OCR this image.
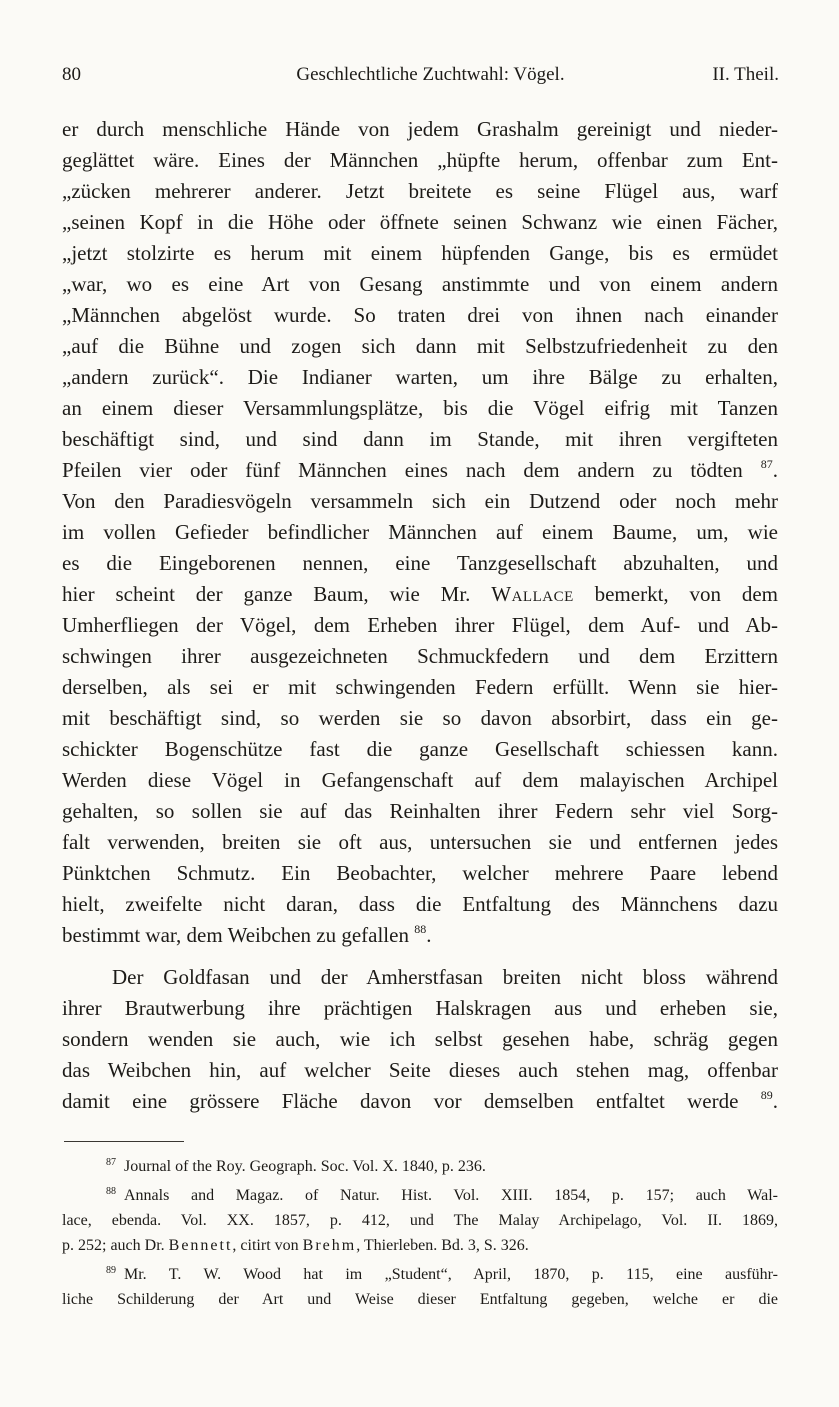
80	Geschlechtliche Zuchtwahl: Vögel.	II. Theil.
er durch menschliche Hände von jedem Grashalm gereinigt und nieder-
geglättet wäre. Eines der Männchen „hüpfte herum, offenbar zum Ent-
„zücken mehrerer anderer. Jetzt breitete es seine Flügel aus, warf
„seinen Kopf in die Höhe oder öffnete seinen Schwanz wie einen Fächer,
„jetzt stolzirte es herum mit einem hüpfenden Gange, bis es ermüdet
„war, wo es eine Art von Gesang anstimmte und von einem andern
„Männchen abgelöst wurde. So traten drei von ihnen nach einander
„auf die Bühne und zogen sich dann mit Selbstzufriedenheit zu den
„andern zurück“. Die Indianer warten, um ihre Bälge zu erhalten,
an einem dieser Versammlungsplätze, bis die Vögel eifrig mit Tanzen
beschäftigt sind, und sind dann im Stande, mit ihren vergifteten
Pfeilen vier oder fünf Männchen eines nach dem andern zu tödten $^{87}$.
Von den Paradiesvögeln versammeln sich ein Dutzend oder noch mehr
im vollen Gefieder befindlicher Männchen auf einem Baume, um, wie
es die Eingeborenen nennen, eine Tanzgesellschaft abzuhalten, und
hier scheint der ganze Baum, wie Mr. Wallace bemerkt, von dem
Umherfliegen der Vögel, dem Erheben ihrer Flügel, dem Auf- und Ab-
schwingen ihrer ausgezeichneten Schmuckfedern und dem Erzittern
derselben, als sei er mit schwingenden Federn erfüllt. Wenn sie hier-
mit beschäftigt sind, so werden sie so davon absorbirt, dass ein ge-
schickter Bogenschütze fast die ganze Gesellschaft schiessen kann.
Werden diese Vögel in Gefangenschaft auf dem malayischen Archipel
gehalten, so sollen sie auf das Reinhalten ihrer Federn sehr viel Sorg-
falt verwenden, breiten sie oft aus, untersuchen sie und entfernen jedes
Pünktchen Schmutz. Ein Beobachter, welcher mehrere Paare lebend
hielt, zweifelte nicht daran, dass die Entfaltung des Männchens dazu
bestimmt war, dem Weibchen zu gefallen $^{88}$.
Der Goldfasan und der Amherstfasan breiten nicht bloss während
ihrer Brautwerbung ihre prächtigen Halskragen aus und erheben sie,
sondern wenden sie auch, wie ich selbst gesehen habe, schräg gegen
das Weibchen hin, auf welcher Seite dieses auch stehen mag, offenbar
damit eine grössere Fläche davon vor demselben entfaltet werde $^{89}$.
$^{87}$ Journal of the Roy. Geograph. Soc. Vol. X. 1840, p. 236.
$^{88}$ Annals and Magaz. of Natur. Hist. Vol. XIII. 1854, p. 157; auch Wal-
lace, ebenda. Vol. XX. 1857, p. 412, und The Malay Archipelago, Vol. II. 1869,
p. 252; auch Dr. Bennett, citirt von Brehm, Thierleben. Bd. 3, S. 326.
$^{89}$ Mr. T. W. Wood hat im „Student“, April, 1870, p. 115, eine ausführ-
liche Schilderung der Art und Weise dieser Entfaltung gegeben, welche er die
